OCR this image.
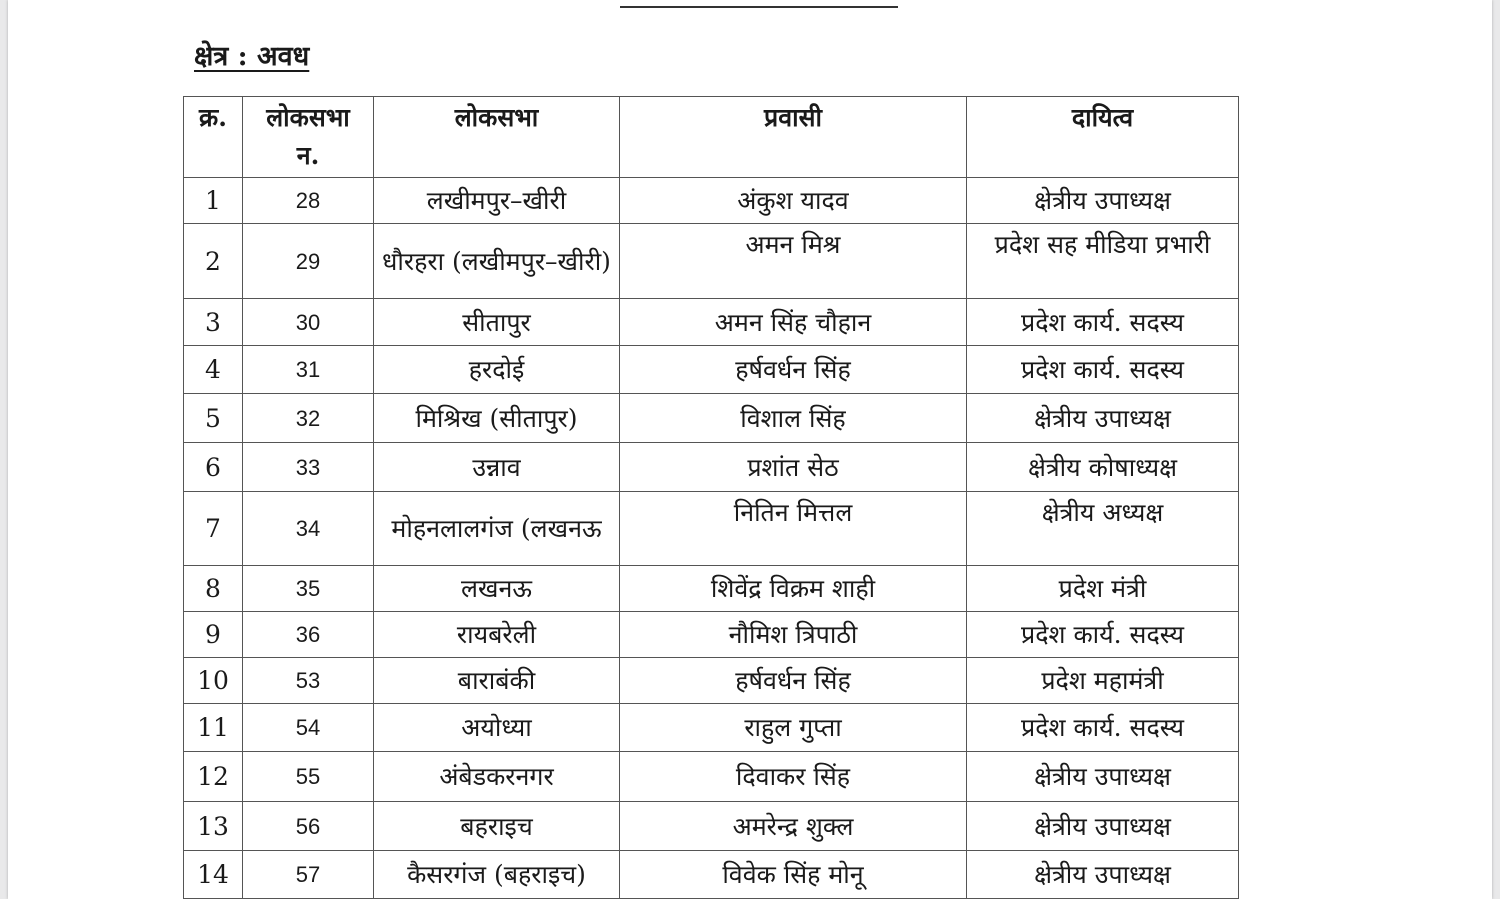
क्षेत्र : अवध
क्र.	लोकसभा न.	लोकसभा	प्रवासी	दायित्व
1	28	लखीमपुर–खीरी	अंकुश यादव	क्षेत्रीय उपाध्यक्ष
2	29	धौरहरा (लखीमपुर–खीरी)	अमन मिश्र	प्रदेश सह मीडिया प्रभारी
3	30	सीतापुर	अमन सिंह चौहान	प्रदेश कार्य. सदस्य
4	31	हरदोई	हर्षवर्धन सिंह	प्रदेश कार्य. सदस्य
5	32	मिश्रिख (सीतापुर)	विशाल सिंह	क्षेत्रीय उपाध्यक्ष
6	33	उन्नाव	प्रशांत सेठ	क्षेत्रीय कोषाध्यक्ष
7	34	मोहनलालगंज (लखनऊ	नितिन मित्तल	क्षेत्रीय अध्यक्ष
8	35	लखनऊ	शिवेंद्र विक्रम शाही	प्रदेश मंत्री
9	36	रायबरेली	नौमिश त्रिपाठी	प्रदेश कार्य. सदस्य
10	53	बाराबंकी	हर्षवर्धन सिंह	प्रदेश महामंत्री
11	54	अयोध्या	राहुल गुप्ता	प्रदेश कार्य. सदस्य
12	55	अंबेडकरनगर	दिवाकर सिंह	क्षेत्रीय उपाध्यक्ष
13	56	बहराइच	अमरेन्द्र शुक्ल	क्षेत्रीय उपाध्यक्ष
14	57	कैसरगंज (बहराइच)	विवेक सिंह मोनू	क्षेत्रीय उपाध्यक्ष
